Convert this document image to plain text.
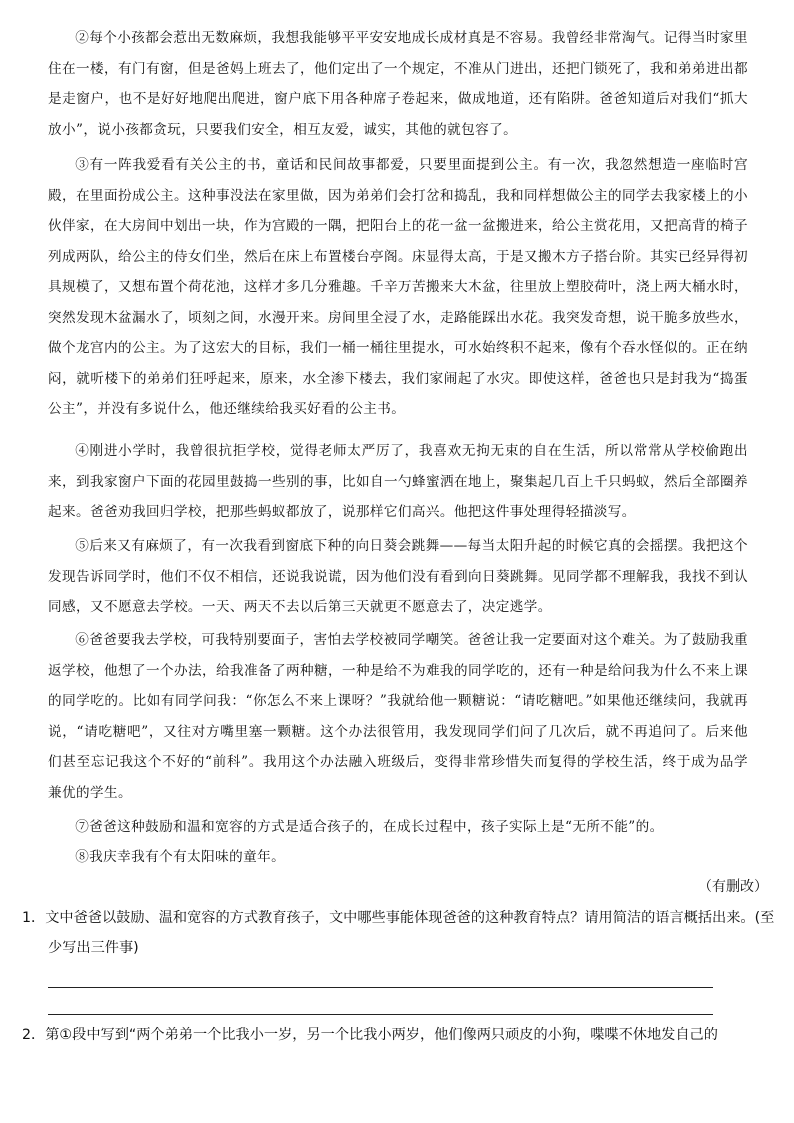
②每个小孩都会惹出无数麻烦，我想我能够平平安安地成长成材真是不容易。我曾经非常淘气。记得当时家里住在一楼，有门有窗，但是爸妈上班去了，他们定出了一个规定，不准从门进出，还把门锁死了，我和弟弟进出都是走窗户，也不是好好地爬出爬进，窗户底下用各种席子卷起来，做成地道，还有陷阱。爸爸知道后对我们“抓大放小”，说小孩都贪玩，只要我们安全，相互友爱，诚实，其他的就包容了。

③有一阵我爱看有关公主的书，童话和民间故事都爱，只要里面提到公主。有一次，我忽然想造一座临时宫殿，在里面扮成公主。这种事没法在家里做，因为弟弟们会打岔和捣乱，我和同样想做公主的同学去我家楼上的小伙伴家，在大房间中划出一块，作为宫殿的一隅，把阳台上的花一盆一盆搬进来，给公主赏花用，又把高背的椅子列成两队，给公主的侍女们坐，然后在床上布置楼台亭阁。床显得太高，于是又搬木方子搭台阶。其实已经异得初具规模了，又想布置个荷花池，这样才多几分雅趣。千辛万苦搬来大木盆，往里放上塑胶荷叶，浇上两大桶水时，突然发现木盆漏水了，顷刻之间，水漫开来。房间里全浸了水，走路能踩出水花。我突发奇想，说干脆多放些水，做个龙宫内的公主。为了这宏大的目标，我们一桶一桶往里提水，可水始终积不起来，像有个吞水怪似的。正在纳闷，就听楼下的弟弟们狂呼起来，原来，水全渗下楼去，我们家闹起了水灾。即使这样，爸爸也只是封我为“捣蛋公主”，并没有多说什么，他还继续给我买好看的公主书。

④刚进小学时，我曾很抗拒学校，觉得老师太严厉了，我喜欢无拘无束的自在生活，所以常常从学校偷跑出来，到我家窗户下面的花园里鼓捣一些别的事，比如自一勺蜂蜜洒在地上，聚集起几百上千只蚂蚁，然后全部圈养起来。爸爸劝我回归学校，把那些蚂蚁都放了，说那样它们高兴。他把这件事处理得轻描淡写。

⑤后来又有麻烦了，有一次我看到窗底下种的向日葵会跳舞——每当太阳升起的时候它真的会摇摆。我把这个发现告诉同学时，他们不仅不相信，还说我说谎，因为他们没有看到向日葵跳舞。见同学都不理解我，我找不到认同感，又不愿意去学校。一天、两天不去以后第三天就更不愿意去了，决定逃学。

⑥爸爸要我去学校，可我特别要面子，害怕去学校被同学嘲笑。爸爸让我一定要面对这个难关。为了鼓励我重返学校，他想了一个办法，给我准备了两种糖，一种是给不为难我的同学吃的，还有一种是给问我为什么不来上课的同学吃的。比如有同学问我：“你怎么不来上课呀？”我就给他一颗糖说：“请吃糖吧。”如果他还继续问，我就再说，“请吃糖吧”，又往对方嘴里塞一颗糖。这个办法很管用，我发现同学们问了几次后，就不再追问了。后来他们甚至忘记我这个不好的“前科”。我用这个办法融入班级后，变得非常珍惜失而复得的学校生活，终于成为品学兼优的学生。

⑦爸爸这种鼓励和温和宽容的方式是适合孩子的，在成长过程中，孩子实际上是“无所不能”的。

⑧我庆幸我有个有太阳味的童年。

（有删改）

1．文中爸爸以鼓励、温和宽容的方式教育孩子，文中哪些事能体现爸爸的这种教育特点？请用简洁的语言概括出来。(至少写出三件事)

2．第①段中写到“两个弟弟一个比我小一岁，另一个比我小两岁，他们像两只顽皮的小狗，喋喋不休地发自己的
